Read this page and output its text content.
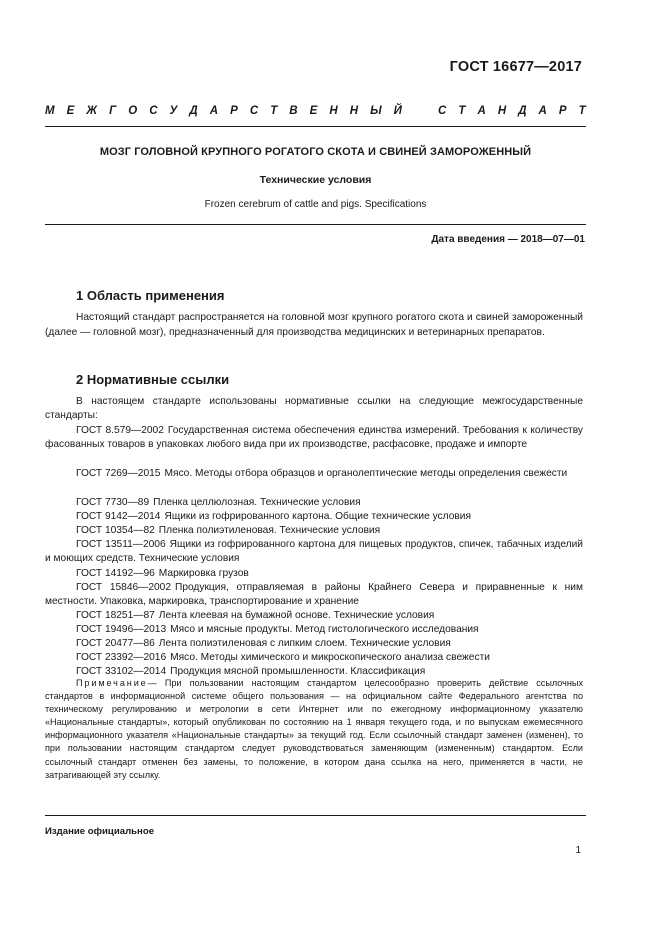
ГОСТ 16677—2017
М Е Ж Г О С У Д А Р С Т В Е Н Н Ы Й	С Т А Н Д А Р Т
МОЗГ ГОЛОВНОЙ КРУПНОГО РОГАТОГО СКОТА И СВИНЕЙ ЗАМОРОЖЕННЫЙ
Технические условия
Frozen cerebrum of cattle and pigs. Specifications
Дата введения — 2018—07—01
1 Область применения
Настоящий стандарт распространяется на головной мозг крупного рогатого скота и свиней замороженный (далее — головной мозг), предназначенный для производства медицинских и ветеринарных препаратов.
2 Нормативные ссылки
В настоящем стандарте использованы нормативные ссылки на следующие межгосударственные стандарты:
ГОСТ 8.579—2002 Государственная система обеспечения единства измерений. Требования к количеству фасованных товаров в упаковках любого вида при их производстве, расфасовке, продаже и импорте
ГОСТ 7269—2015 Мясо. Методы отбора образцов и органолептические методы определения свежести
ГОСТ 7730—89 Пленка целлюлозная. Технические условия
ГОСТ 9142—2014 Ящики из гофрированного картона. Общие технические условия
ГОСТ 10354—82 Пленка полиэтиленовая. Технические условия
ГОСТ 13511—2006 Ящики из гофрированного картона для пищевых продуктов, спичек, табачных изделий и моющих средств. Технические условия
ГОСТ 14192—96 Маркировка грузов
ГОСТ 15846—2002 Продукция, отправляемая в районы Крайнего Севера и приравненные к ним местности. Упаковка, маркировка, транспортирование и хранение
ГОСТ 18251—87 Лента клеевая на бумажной основе. Технические условия
ГОСТ 19496—2013 Мясо и мясные продукты. Метод гистологического исследования
ГОСТ 20477—86 Лента полиэтиленовая с липким слоем. Технические условия
ГОСТ 23392—2016 Мясо. Методы химического и микроскопического анализа свежести
ГОСТ 33102—2014 Продукция мясной промышленности. Классификация
Примечание— При пользовании настоящим стандартом целесообразно проверить действие ссылочных стандартов в информационной системе общего пользования — на официальном сайте Федерального агентства по техническому регулированию и метрологии в сети Интернет или по ежегодному информационному указателю «Национальные стандарты», который опубликован по состоянию на 1 января текущего года, и по выпускам ежемесячного информационного указателя «Национальные стандарты» за текущий год. Если ссылочный стандарт заменен (изменен), то при пользовании настоящим стандартом следует руководствоваться заменяющим (измененным) стандартом. Если ссылочный стандарт отменен без замены, то положение, в котором дана ссылка на него, применяется в части, не затрагивающей эту ссылку.
Издание официальное
1
